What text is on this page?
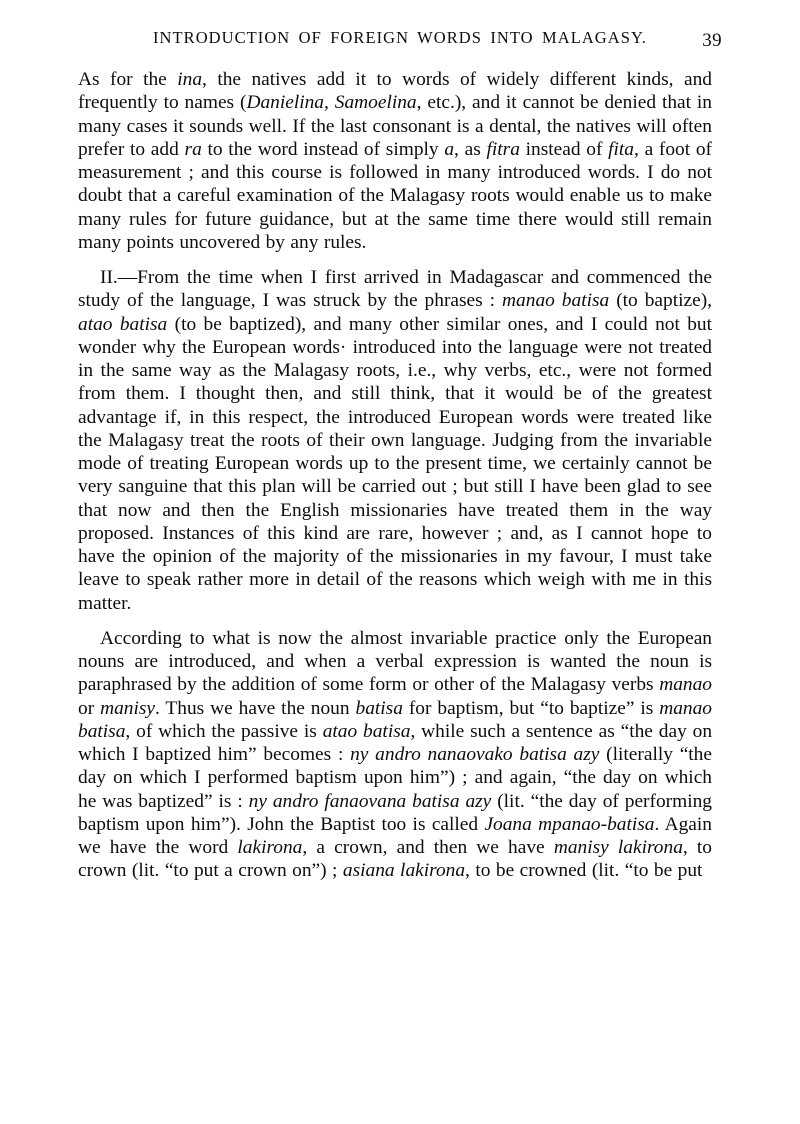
INTRODUCTION OF FOREIGN WORDS INTO MALAGASY.	39

As for the ina, the natives add it to words of widely different kinds, and frequently to names (Danielina, Samoelina, etc.), and it cannot be denied that in many cases it sounds well. If the last consonant is a dental, the natives will often prefer to add ra to the word instead of simply a, as fitra instead of fita, a foot of measurement ; and this course is followed in many introduced words. I do not doubt that a careful examination of the Malagasy roots would enable us to make many rules for future guidance, but at the same time there would still remain many points uncovered by any rules.

II.—From the time when I first arrived in Madagascar and commenced the study of the language, I was struck by the phrases : manao batisa (to baptize), atao batisa (to be baptized), and many other similar ones, and I could not but wonder why the European words· introduced into the language were not treated in the same way as the Malagasy roots, i.e., why verbs, etc., were not formed from them. I thought then, and still think, that it would be of the greatest advantage if, in this respect, the introduced European words were treated like the Malagasy treat the roots of their own language. Judging from the invariable mode of treating European words up to the present time, we certainly cannot be very sanguine that this plan will be carried out ; but still I have been glad to see that now and then the English missionaries have treated them in the way proposed. Instances of this kind are rare, however ; and, as I cannot hope to have the opinion of the majority of the missionaries in my favour, I must take leave to speak rather more in detail of the reasons which weigh with me in this matter.

According to what is now the almost invariable practice only the European nouns are introduced, and when a verbal expression is wanted the noun is paraphrased by the addition of some form or other of the Malagasy verbs manao or manisy. Thus we have the noun batisa for baptism, but “to baptize” is manao batisa, of which the passive is atao batisa, while such a sentence as “the day on which I baptized him” becomes : ny andro nanaovako batisa azy (literally “the day on which I performed baptism upon him”) ; and again, “the day on which he was baptized” is : ny andro fanaovana batisa azy (lit. “the day of performing baptism upon him”). John the Baptist too is called Joana mpanao-batisa. Again we have the word lakirona, a crown, and then we have manisy lakirona, to crown (lit. “to put a crown on”) ; asiana lakirona, to be crowned (lit. “to be put
